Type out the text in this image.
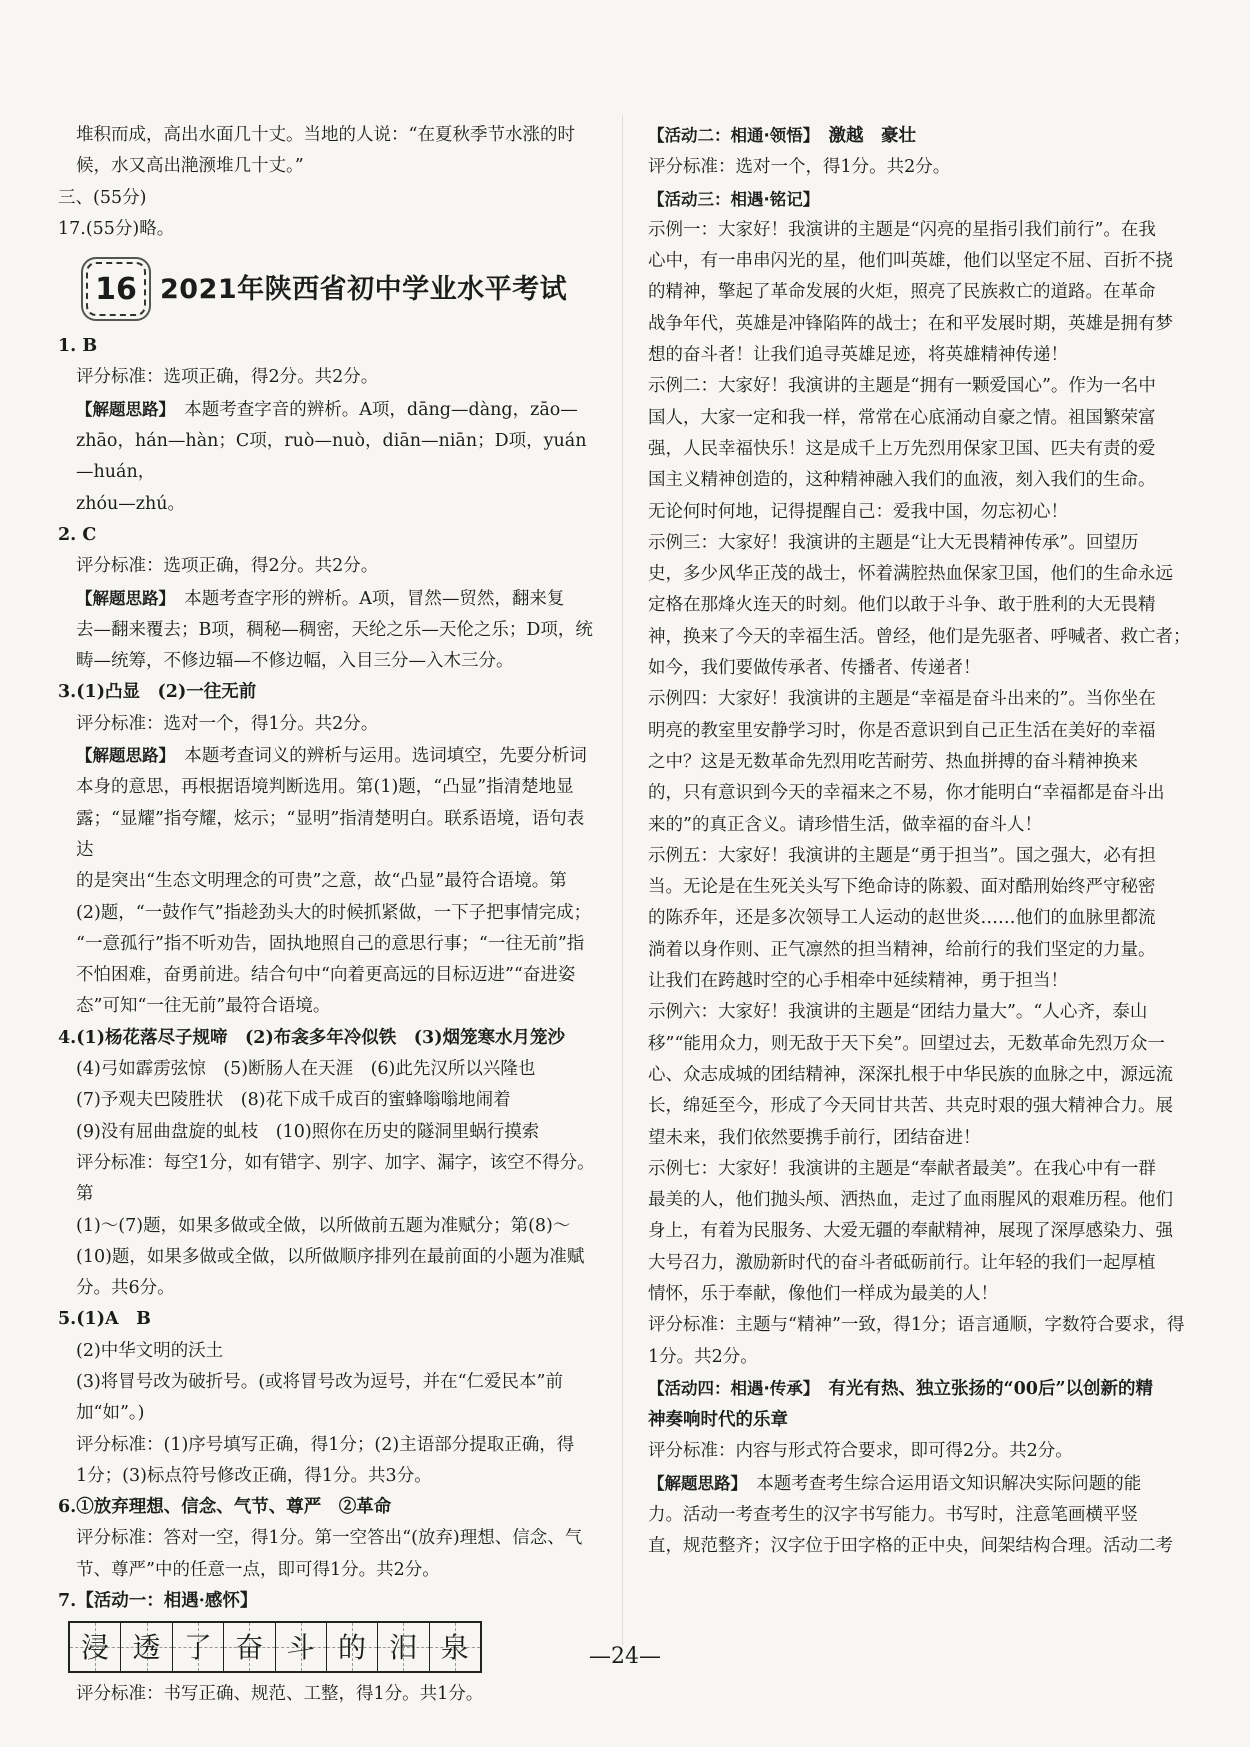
堆积而成，高出水面几十丈。当地的人说：“在夏秋季节水涨的时

候，水又高出滟滪堆几十丈。”

三、(55分)

17.(55分)略。

16 2021年陕西省初中学业水平考试

1. B

评分标准：选项正确，得2分。共2分。

【解题思路】　 本题考查字音的辨析。A项，dāng—dàng，zāo—

zhāo，hán—hàn；C项，ruò—nuò，diān—niān；D项，yuán—huán，

zhóu—zhú。

2. C

评分标准：选项正确，得2分。共2分。

【解题思路】　 本题考查字形的辨析。A项，冒然—贸然，翻来复

去—翻来覆去；B项，稠秘—稠密，天纶之乐—天伦之乐；D项，统

畴—统筹，不修边辐—不修边幅，入目三分—入木三分。

3.(1)凸显　(2)一往无前

评分标准：选对一个，得1分。共2分。

【解题思路】　 本题考查词义的辨析与运用。选词填空，先要分析词

本身的意思，再根据语境判断选用。第(1)题，“凸显”指清楚地显

露；“显耀”指夸耀，炫示；“显明”指清楚明白。联系语境，语句表达

的是突出“生态文明理念的可贵”之意，故“凸显”最符合语境。第

(2)题，“一鼓作气”指趁劲头大的时候抓紧做，一下子把事情完成；

“一意孤行”指不听劝告，固执地照自己的意思行事；“一往无前”指

不怕困难，奋勇前进。结合句中“向着更高远的目标迈进”“奋进姿

态”可知“一往无前”最符合语境。

4.(1)杨花落尽子规啼　(2)布衾多年冷似铁　(3)烟笼寒水月笼沙

(4)弓如霹雳弦惊　(5)断肠人在天涯　(6)此先汉所以兴隆也

(7)予观夫巴陵胜状　(8)花下成千成百的蜜蜂嗡嗡地闹着

(9)没有屈曲盘旋的虬枝　(10)照你在历史的隧洞里蜗行摸索

评分标准：每空1分，如有错字、别字、加字、漏字，该空不得分。第

(1)～(7)题，如果多做或全做，以所做前五题为准赋分；第(8)～

(10)题，如果多做或全做，以所做顺序排列在最前面的小题为准赋

分。共6分。

5.(1)A　B

(2)中华文明的沃土

(3)将冒号改为破折号。(或将冒号改为逗号，并在“仁爱民本”前

加“如”。)

评分标准：(1)序号填写正确，得1分；(2)主语部分提取正确，得

1分；(3)标点符号修改正确，得1分。共3分。

6.①放弃理想、信念、气节、尊严　②革命

评分标准：答对一空，得1分。第一空答出“(放弃)理想、信念、气

节、尊严”中的任意一点，即可得1分。共2分。

7.【活动一：相遇·感怀】

浸 透 了 奋 斗 的 汨 泉

评分标准：书写正确、规范、工整，得1分。共1分。

【活动二：相通·领悟】　 激越　豪壮

评分标准：选对一个，得1分。共2分。

【活动三：相遇·铭记】

示例一：大家好！我演讲的主题是“闪亮的星指引我们前行”。在我

心中，有一串串闪光的星，他们叫英雄，他们以坚定不屈、百折不挠

的精神，擎起了革命发展的火炬，照亮了民族救亡的道路。在革命

战争年代，英雄是冲锋陷阵的战士；在和平发展时期，英雄是拥有梦

想的奋斗者！让我们追寻英雄足迹，将英雄精神传递！

示例二：大家好！我演讲的主题是“拥有一颗爱国心”。作为一名中

国人，大家一定和我一样，常常在心底涌动自豪之情。祖国繁荣富

强，人民幸福快乐！这是成千上万先烈用保家卫国、匹夫有责的爱

国主义精神创造的，这种精神融入我们的血液，刻入我们的生命。

无论何时何地，记得提醒自己：爱我中国，勿忘初心！

示例三：大家好！我演讲的主题是“让大无畏精神传承”。回望历

史，多少风华正茂的战士，怀着满腔热血保家卫国，他们的生命永远

定格在那烽火连天的时刻。他们以敢于斗争、敢于胜利的大无畏精

神，换来了今天的幸福生活。曾经，他们是先驱者、呼喊者、救亡者；

如今，我们要做传承者、传播者、传递者！

示例四：大家好！我演讲的主题是“幸福是奋斗出来的”。当你坐在

明亮的教室里安静学习时，你是否意识到自己正生活在美好的幸福

之中？这是无数革命先烈用吃苦耐劳、热血拼搏的奋斗精神换来

的，只有意识到今天的幸福来之不易，你才能明白“幸福都是奋斗出

来的”的真正含义。请珍惜生活，做幸福的奋斗人！

示例五：大家好！我演讲的主题是“勇于担当”。国之强大，必有担

当。无论是在生死关头写下绝命诗的陈毅、面对酷刑始终严守秘密

的陈乔年，还是多次领导工人运动的赵世炎……他们的血脉里都流

淌着以身作则、正气凛然的担当精神，给前行的我们坚定的力量。

让我们在跨越时空的心手相牵中延续精神，勇于担当！

示例六：大家好！我演讲的主题是“团结力量大”。“人心齐，泰山

移”“能用众力，则无敌于天下矣”。回望过去，无数革命先烈万众一

心、众志成城的团结精神，深深扎根于中华民族的血脉之中，源远流

长，绵延至今，形成了今天同甘共苦、共克时艰的强大精神合力。展

望未来，我们依然要携手前行，团结奋进！

示例七：大家好！我演讲的主题是“奉献者最美”。在我心中有一群

最美的人，他们抛头颅、洒热血，走过了血雨腥风的艰难历程。他们

身上，有着为民服务、大爱无疆的奉献精神，展现了深厚感染力、强

大号召力，激励新时代的奋斗者砥砺前行。让年轻的我们一起厚植

情怀，乐于奉献，像他们一样成为最美的人！

评分标准：主题与“精神”一致，得1分；语言通顺，字数符合要求，得

1分。共2分。

【活动四：相遇·传承】　 有光有热、独立张扬的“00后”以创新的精

神奏响时代的乐章

评分标准：内容与形式符合要求，即可得2分。共2分。

【解题思路】　 本题考查考生综合运用语文知识解决实际问题的能

力。活动一考查考生的汉字书写能力。书写时，注意笔画横平竖

直，规范整齐；汉字位于田字格的正中央，间架结构合理。活动二考

—24—
